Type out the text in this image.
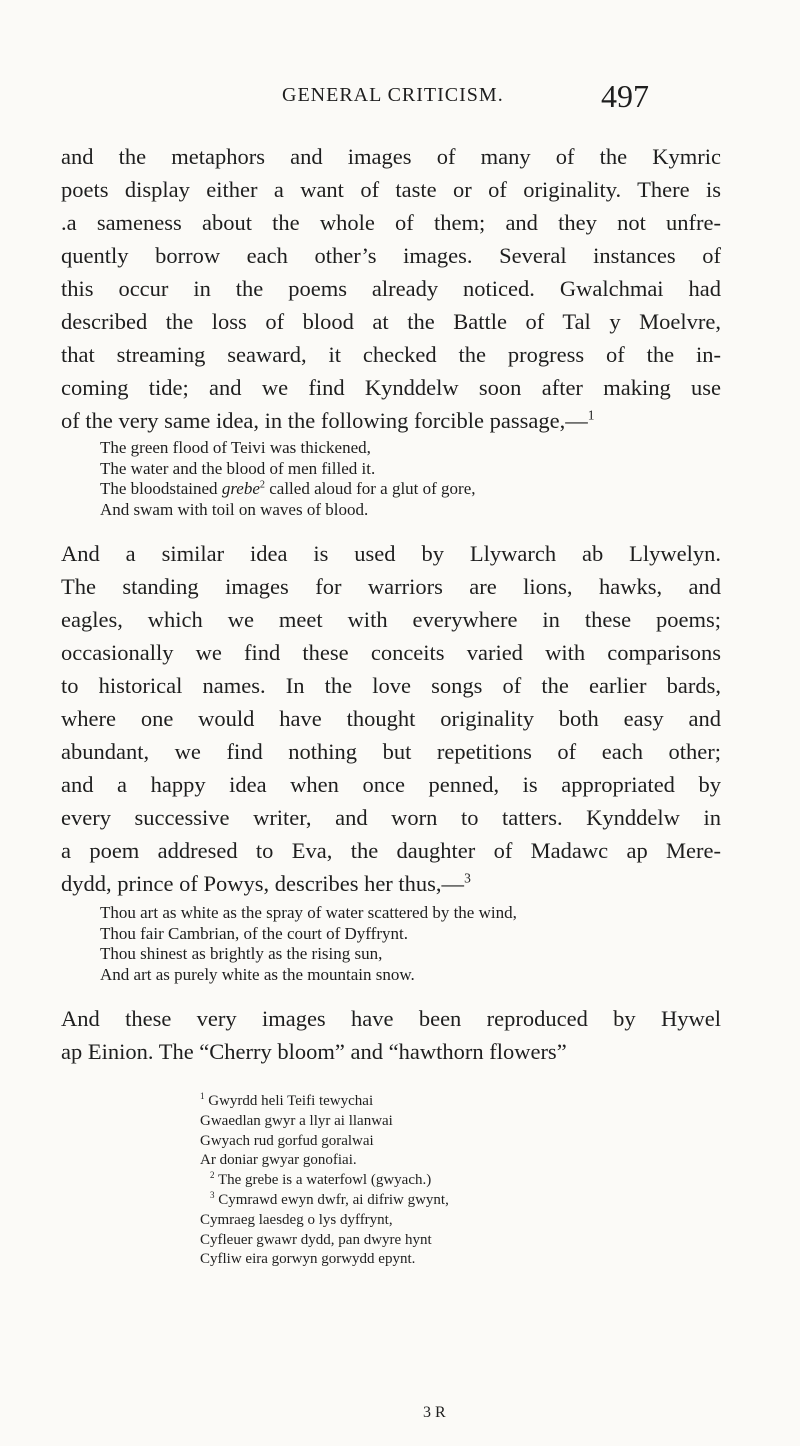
GENERAL CRITICISM.	497
and the metaphors and images of many of the Kymric
poets display either a want of taste or of originality. There is
.a sameness about the whole of them; and they not unfre-
quently borrow each other’s images. Several instances of
this occur in the poems already noticed. Gwalchmai had
described the loss of blood at the Battle of Tal y Moelvre,
that streaming seaward, it checked the progress of the in-
coming tide; and we find Kynddelw soon after making use
of the very same idea, in the following forcible passage,—$^1$
The green flood of Teivi was thickened,
The water and the blood of men filled it.
The bloodstained grebe$^2$ called aloud for a glut of gore,
And swam with toil on waves of blood.
And a similar idea is used by Llywarch ab Llywelyn.
The standing images for warriors are lions, hawks, and
eagles, which we meet with everywhere in these poems;
occasionally we find these conceits varied with comparisons
to historical names. In the love songs of the earlier bards,
where one would have thought originality both easy and
abundant, we find nothing but repetitions of each other;
and a happy idea when once penned, is appropriated by
every successive writer, and worn to tatters. Kynddelw in
a poem addresed to Eva, the daughter of Madawc ap Mere-
dydd, prince of Powys, describes her thus,—$^3$
Thou art as white as the spray of water scattered by the wind,
Thou fair Cambrian, of the court of Dyffrynt.
Thou shinest as brightly as the rising sun,
And art as purely white as the mountain snow.
And these very images have been reproduced by Hywel
ap Einion. The “Cherry bloom” and “hawthorn flowers”
$^1$ Gwyrdd heli Teifi tewychai
Gwaedlan gwyr a llyr ai llanwai
Gwyach rud gorfud goralwai
Ar doniar gwyar gonofiai.
$^2$ The grebe is a waterfowl (gwyach.)
$^3$ Cymrawd ewyn dwfr, ai difriw gwynt,
Cymraeg laesdeg o lys dyffrynt,
Cyfleuer gwawr dydd, pan dwyre hynt
Cyfliw eira gorwyn gorwydd epynt.
3 R
